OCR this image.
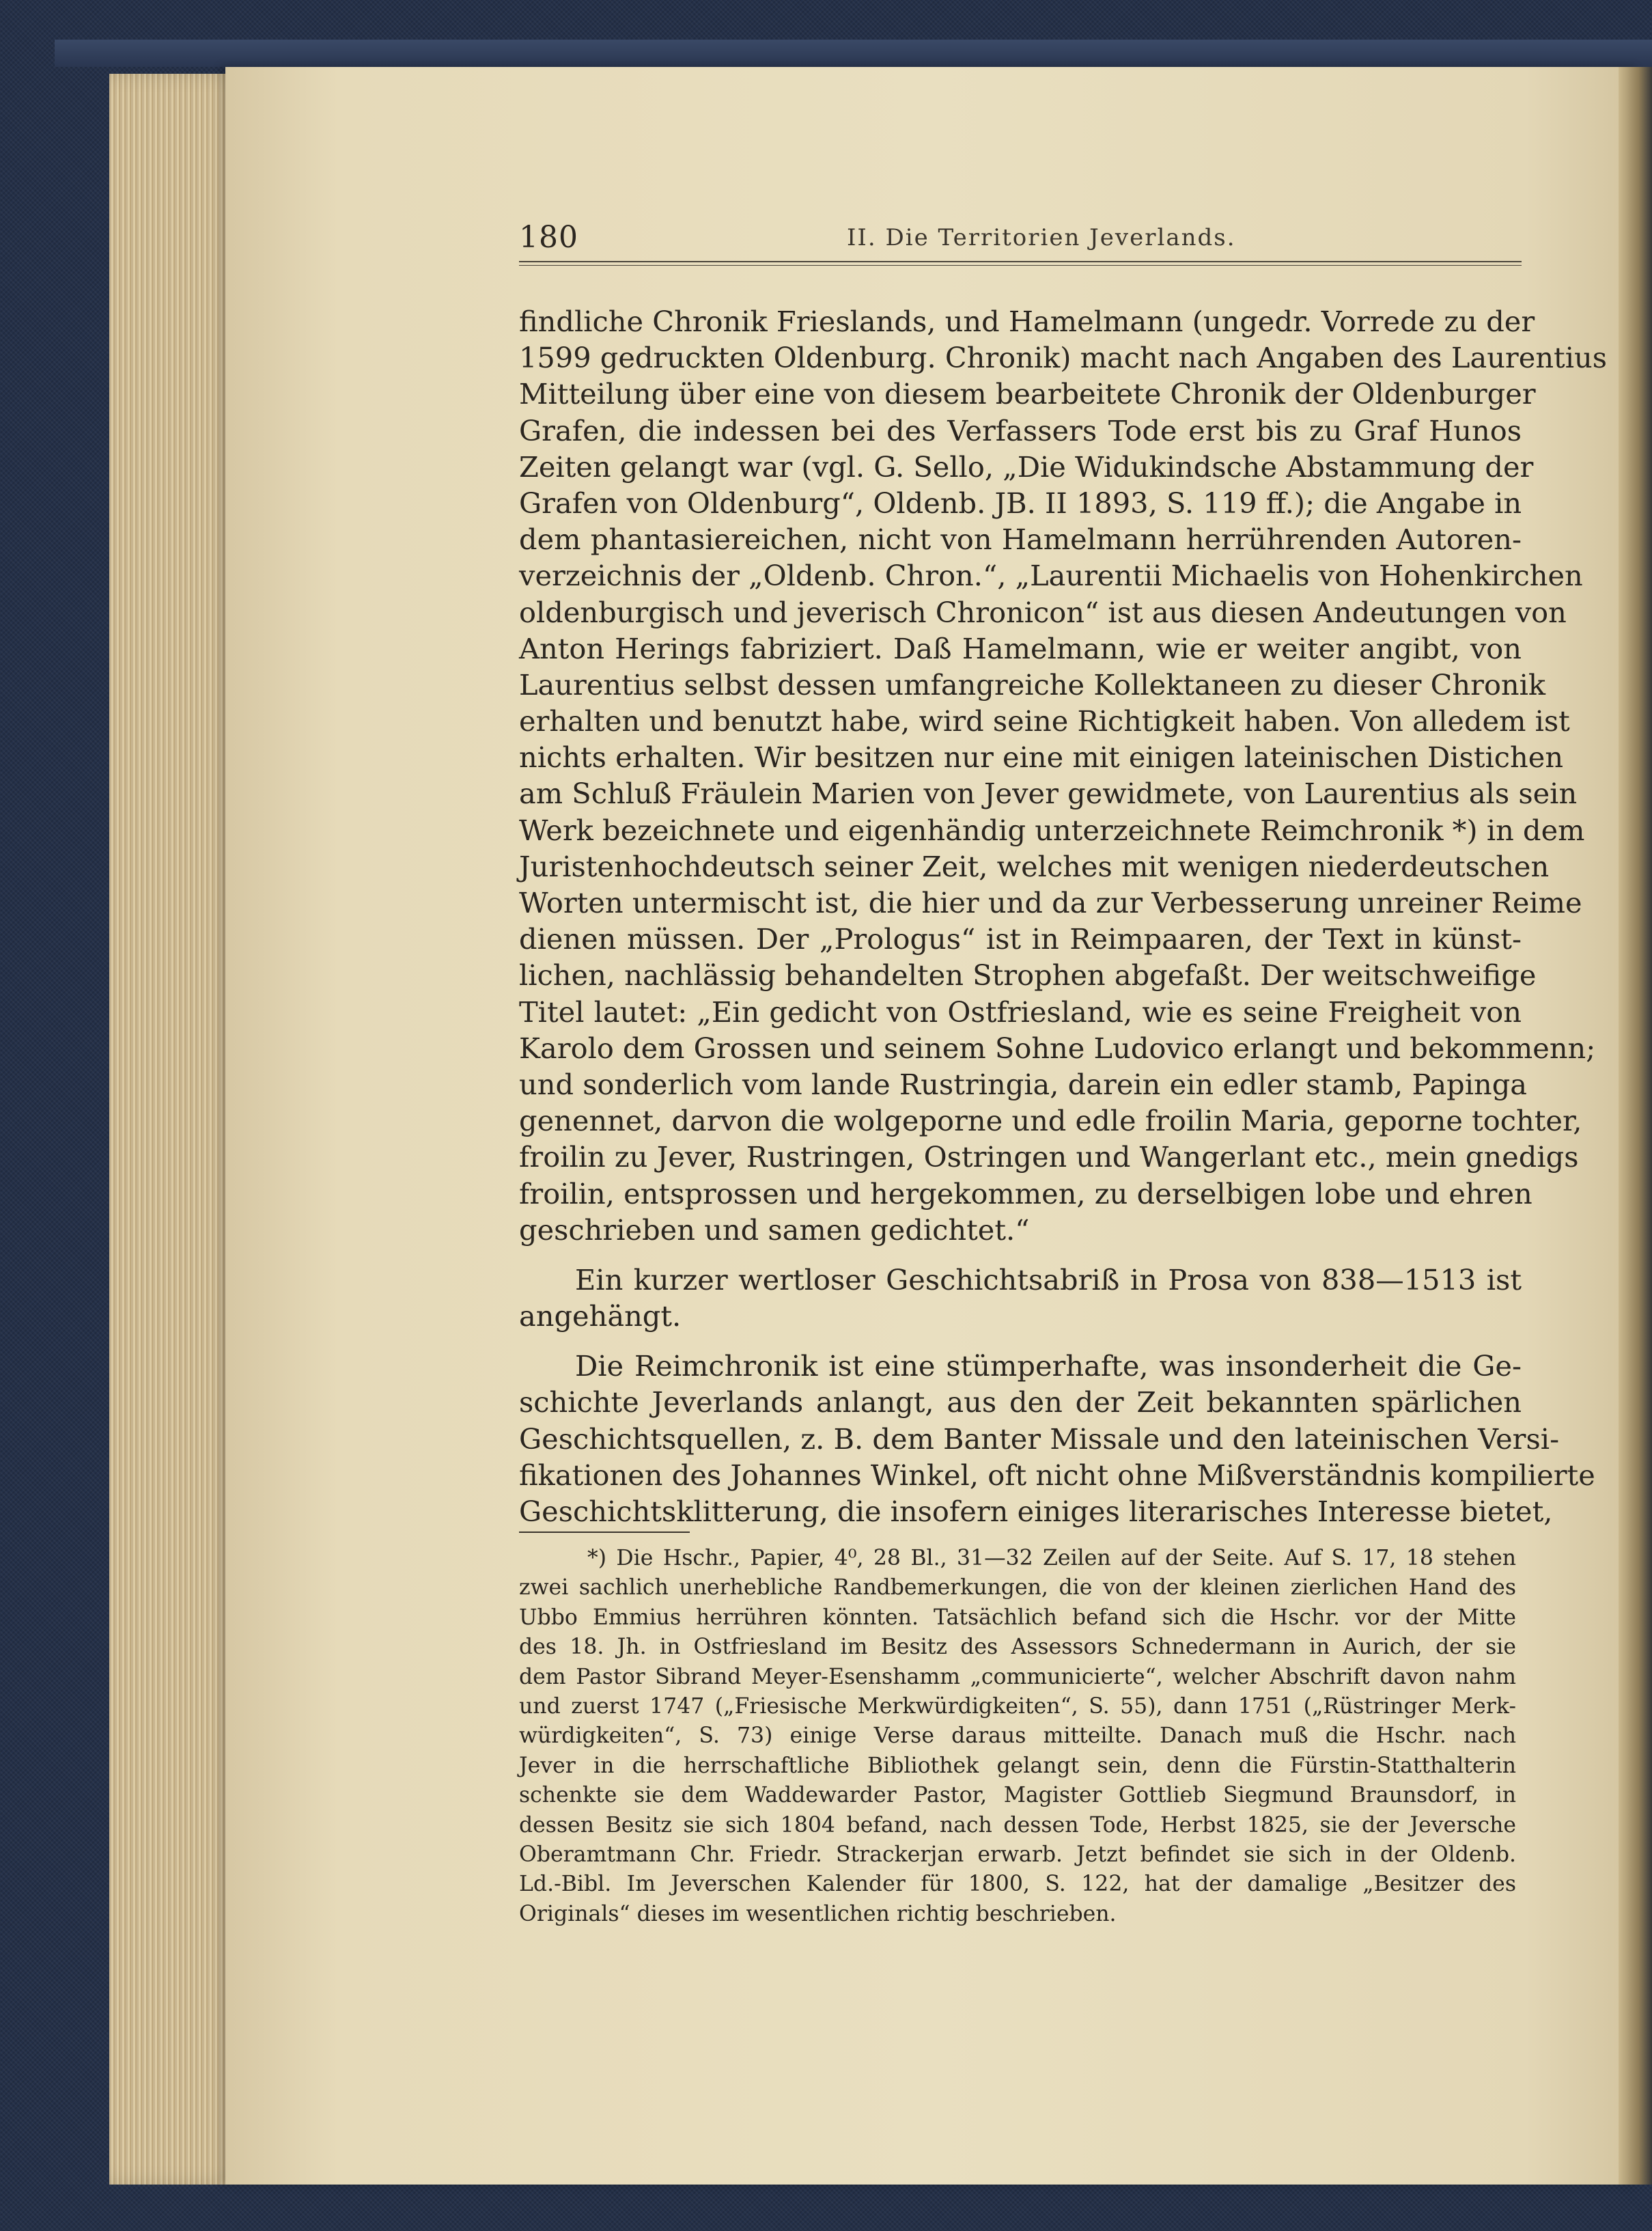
180	II. Die Territorien Jeverlands.
findliche Chronik Frieslands, und Hamelmann (ungedr. Vorrede zu der
1599 gedruckten Oldenburg. Chronik) macht nach Angaben des Laurentius
Mitteilung über eine von diesem bearbeitete Chronik der Oldenburger
Grafen, die indessen bei des Verfassers Tode erst bis zu Graf Hunos
Zeiten gelangt war (vgl. G. Sello, „Die Widukindsche Abstammung der
Grafen von Oldenburg“, Oldenb. JB. II 1893, S. 119 ff.); die Angabe in
dem phantasiereichen, nicht von Hamelmann herrührenden Autoren-
verzeichnis der „Oldenb. Chron.“, „Laurentii Michaelis von Hohenkirchen
oldenburgisch und jeverisch Chronicon“ ist aus diesen Andeutungen von
Anton Herings fabriziert. Daß Hamelmann, wie er weiter angibt, von
Laurentius selbst dessen umfangreiche Kollektaneen zu dieser Chronik
erhalten und benutzt habe, wird seine Richtigkeit haben. Von alledem ist
nichts erhalten. Wir besitzen nur eine mit einigen lateinischen Distichen
am Schluß Fräulein Marien von Jever gewidmete, von Laurentius als sein
Werk bezeichnete und eigenhändig unterzeichnete Reimchronik *) in dem
Juristenhochdeutsch seiner Zeit, welches mit wenigen niederdeutschen
Worten untermischt ist, die hier und da zur Verbesserung unreiner Reime
dienen müssen. Der „Prologus“ ist in Reimpaaren, der Text in künst-
lichen, nachlässig behandelten Strophen abgefaßt. Der weitschweifige
Titel lautet: „Ein gedicht von Ostfriesland, wie es seine Freigheit von
Karolo dem Grossen und seinem Sohne Ludovico erlangt und bekommenn;
und sonderlich vom lande Rustringia, darein ein edler stamb, Papinga
genennet, darvon die wolgeporne und edle froilin Maria, geporne tochter,
froilin zu Jever, Rustringen, Ostringen und Wangerlant etc., mein gnedigs
froilin, entsprossen und hergekommen, zu derselbigen lobe und ehren
geschrieben und samen gedichtet.“
Ein kurzer wertloser Geschichtsabriß in Prosa von 838—1513 ist
angehängt.
Die Reimchronik ist eine stümperhafte, was insonderheit die Ge-
schichte Jeverlands anlangt, aus den der Zeit bekannten spärlichen
Geschichtsquellen, z. B. dem Banter Missale und den lateinischen Versi-
fikationen des Johannes Winkel, oft nicht ohne Mißverständnis kompilierte
Geschichtsklitterung, die insofern einiges literarisches Interesse bietet,
*) Die Hschr., Papier, 4⁰, 28 Bl., 31—32 Zeilen auf der Seite. Auf S. 17, 18 stehen
zwei sachlich unerhebliche Randbemerkungen, die von der kleinen zierlichen Hand des
Ubbo Emmius herrühren könnten. Tatsächlich befand sich die Hschr. vor der Mitte
des 18. Jh. in Ostfriesland im Besitz des Assessors Schnedermann in Aurich, der sie
dem Pastor Sibrand Meyer-Esenshamm „communicierte“, welcher Abschrift davon nahm
und zuerst 1747 („Friesische Merkwürdigkeiten“, S. 55), dann 1751 („Rüstringer Merk-
würdigkeiten“, S. 73) einige Verse daraus mitteilte. Danach muß die Hschr. nach
Jever in die herrschaftliche Bibliothek gelangt sein, denn die Fürstin-Statthalterin
schenkte sie dem Waddewarder Pastor, Magister Gottlieb Siegmund Braunsdorf, in
dessen Besitz sie sich 1804 befand, nach dessen Tode, Herbst 1825, sie der Jeversche
Oberamtmann Chr. Friedr. Strackerjan erwarb. Jetzt befindet sie sich in der Oldenb.
Ld.-Bibl. Im Jeverschen Kalender für 1800, S. 122, hat der damalige „Besitzer des
Originals“ dieses im wesentlichen richtig beschrieben.
